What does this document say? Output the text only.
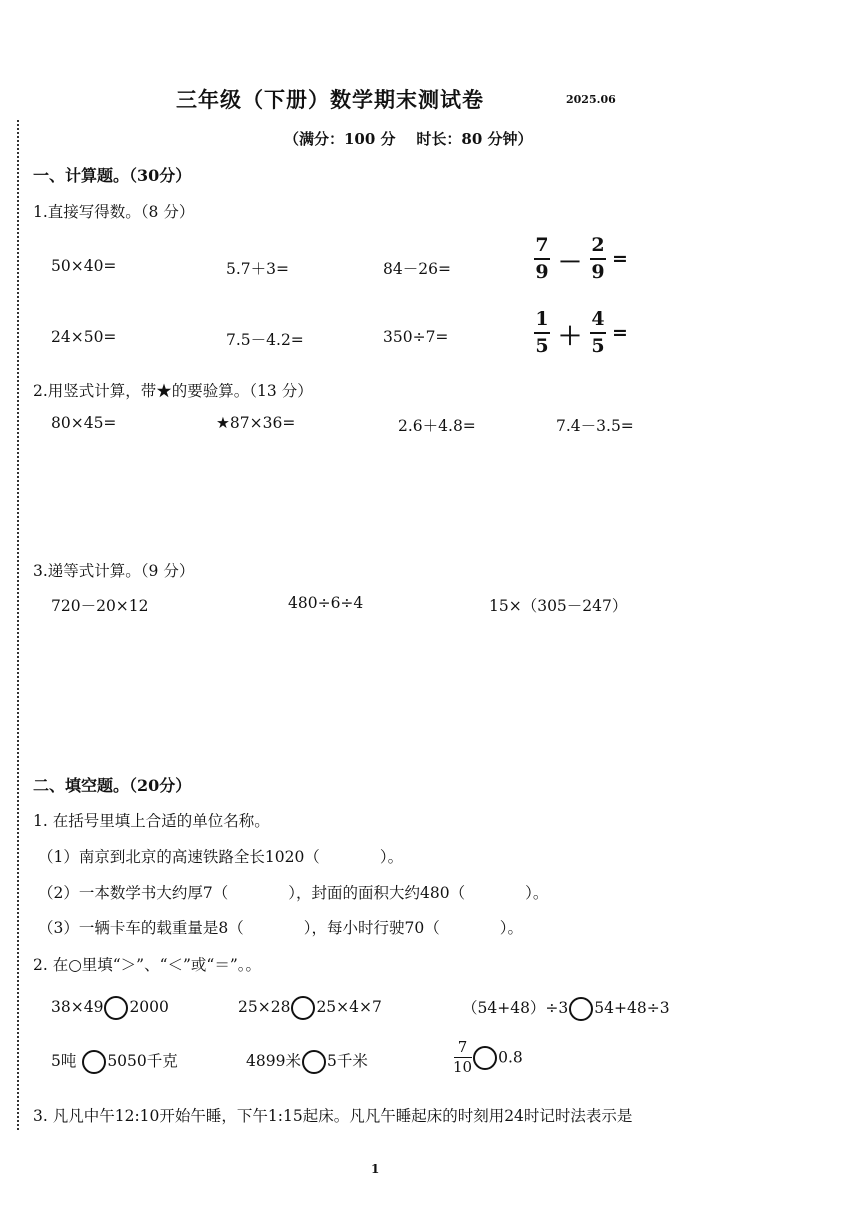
三年级（下册）数学期末测试卷	2025.06
（满分：100 分    时长：80 分钟）
一、计算题。（30分）
1.直接写得数。（8 分）
50×40=	5.7＋3=	84－26=	$\frac{7}{9} - \frac{2}{9}$ =
24×50=	7.5－4.2=	350÷7=	$\frac{1}{5} + \frac{4}{5}$ =
2.用竖式计算，带★的要验算。（13 分）
80×45=	★87×36=	2.6＋4.8=	7.4－3.5=
3.递等式计算。（9 分）
720－20×12	480÷6÷4	15×（305－247）
二、填空题。（20分）
1. 在括号里填上合适的单位名称。
（1）南京到北京的高速铁路全长1020（	）。
（2）一本数学书大约厚7（	），封面的面积大约480（	）。
（3）一辆卡车的载重量是8（	），每小时行驶70（	）。
2. 在○里填“＞”、“＜”或“＝”。。
38×49 2000	25×28 25×4×7	（54+48）÷3 54+48÷3
5吨 5050千克	4899米 5千米	$\frac{7}{10} 0.8$
3. 凡凡中午12:10开始午睡，下午1:15起床。凡凡午睡起床的时刻用24时记时法表示是
1
